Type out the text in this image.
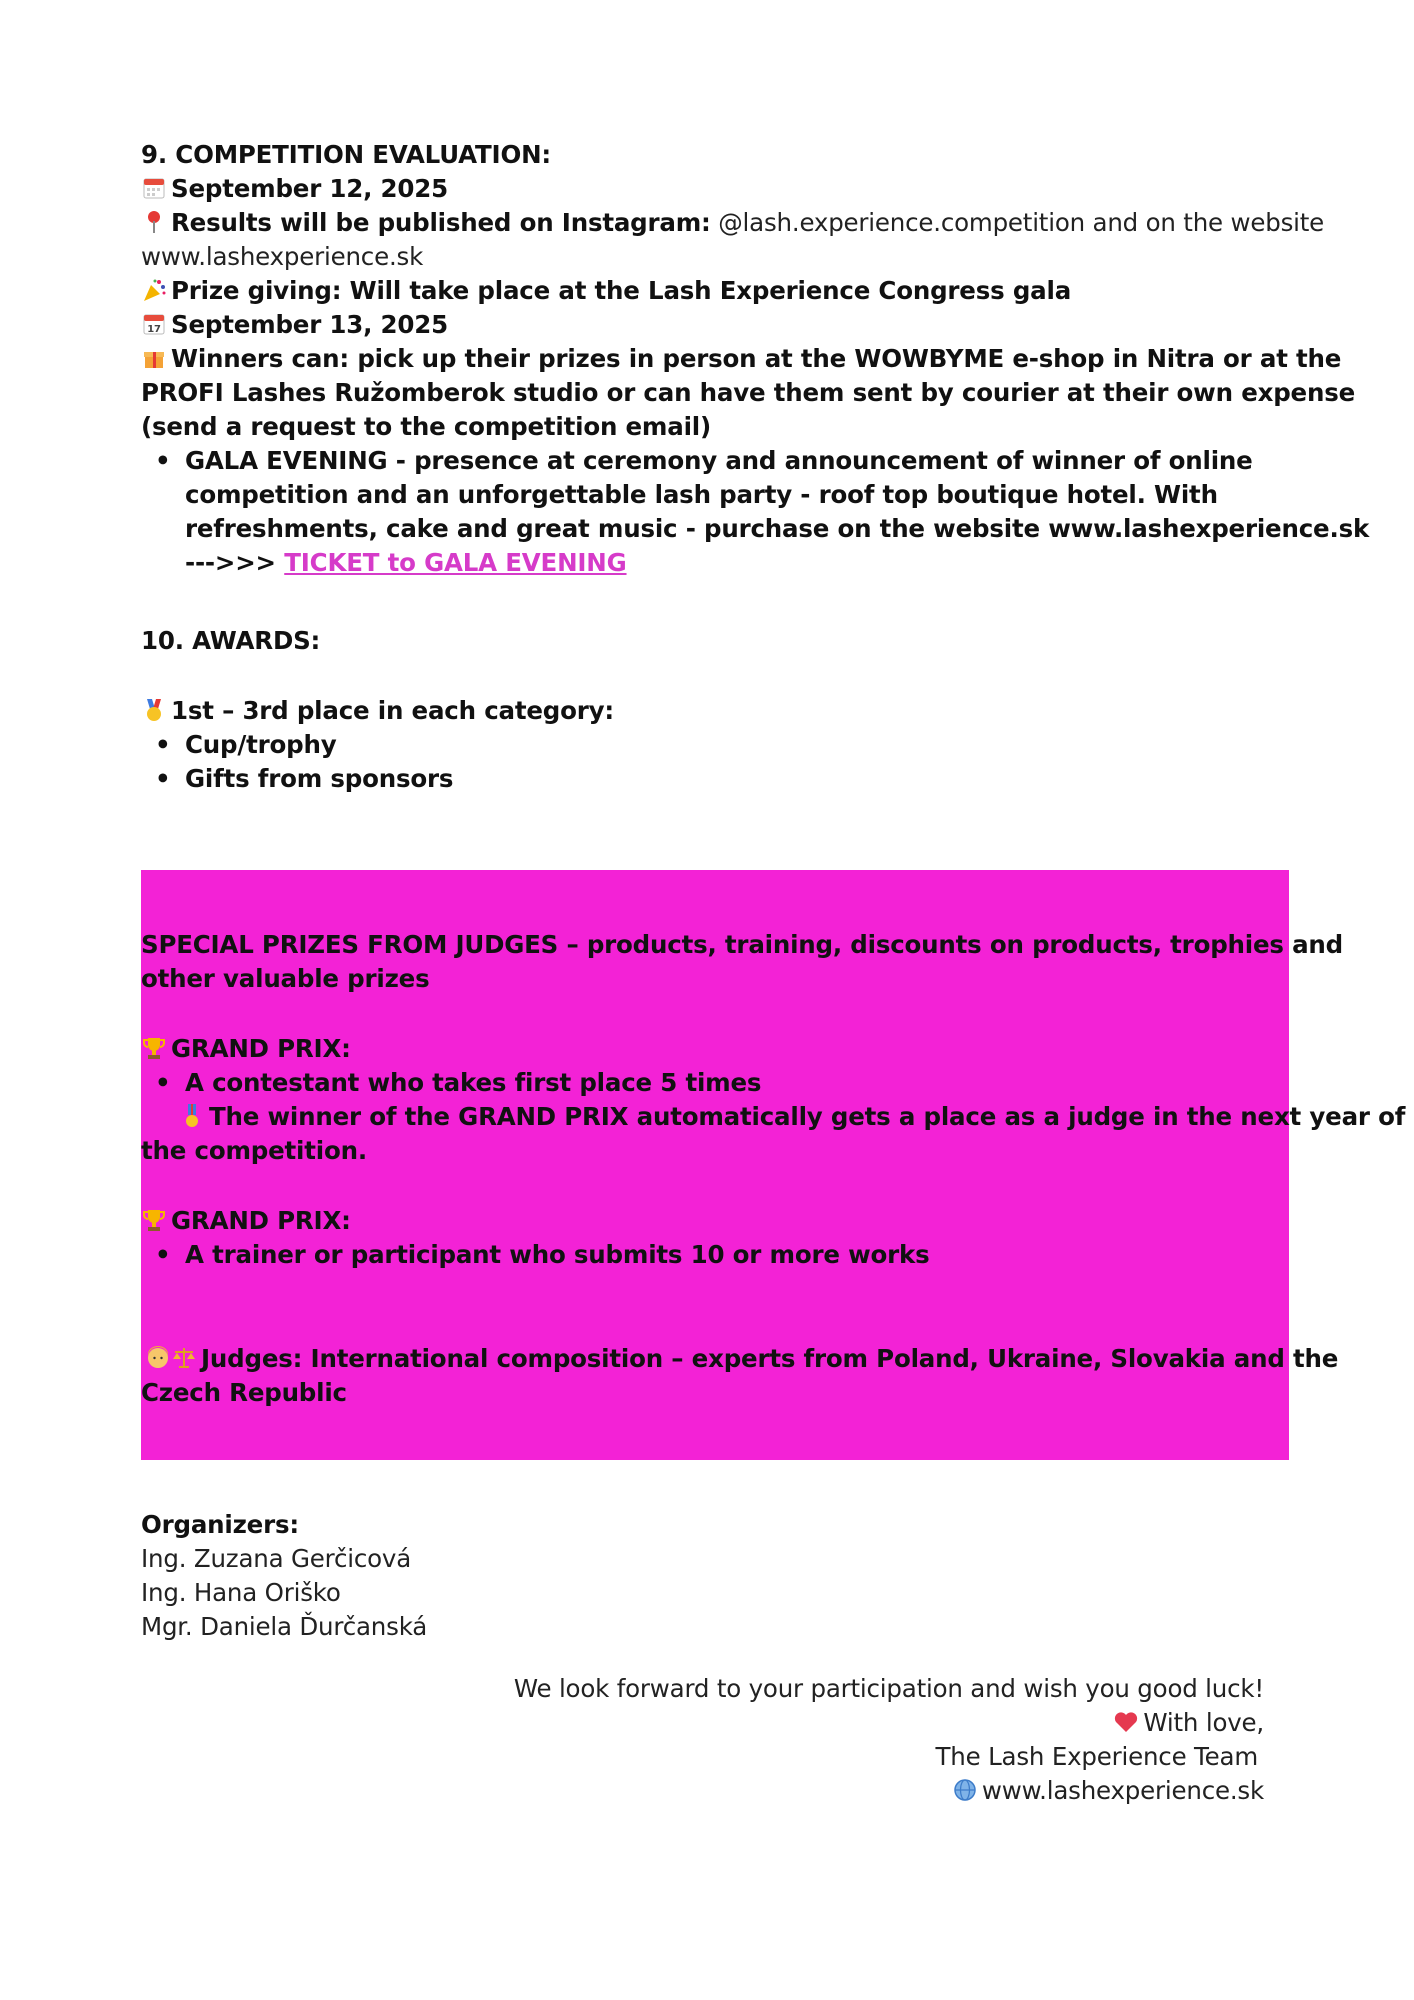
9. COMPETITION EVALUATION:
September 12, 2025
Results will be published on Instagram: @lash.experience.competition and on the website
www.lashexperience.sk
Prize giving: Will take place at the Lash Experience Congress gala
17 September 13, 2025
Winners can: pick up their prizes in person at the WOWBYME e-shop in Nitra or at the
PROFI Lashes Ružomberok studio or can have them sent by courier at their own expense
(send a request to the competition email)
• GALA EVENING - presence at ceremony and announcement of winner of online
competition and an unforgettable lash party - roof top boutique hotel. With
refreshments, cake and great music - purchase on the website www.lashexperience.sk
--->>> TICKET to GALA EVENING
10. AWARDS:
1st – 3rd place in each category:
• Cup/trophy
• Gifts from sponsors
SPECIAL PRIZES FROM JUDGES – products, training, discounts on products, trophies and
other valuable prizes
GRAND PRIX:
• A contestant who takes first place 5 times
The winner of the GRAND PRIX automatically gets a place as a judge in the next year of
the competition.
GRAND PRIX:
• A trainer or participant who submits 10 or more works
Judges: International composition – experts from Poland, Ukraine, Slovakia and the
Czech Republic
Organizers:
Ing. Zuzana Gerčicová
Ing. Hana Oriško
Mgr. Daniela Ďurčanská
We look forward to your participation and wish you good luck!
With love,
The Lash Experience Team
www.lashexperience.sk
